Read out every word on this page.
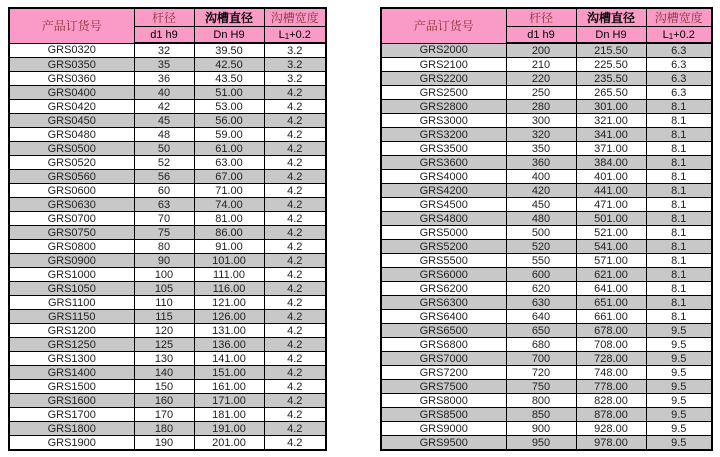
产品订货号	杆径	沟槽直径	沟槽宽度
	d1 h9	Dn H9	$L_1+0.2$
GRS0320	32	39.50	3.2
GRS0350	35	42.50	3.2
GRS0360	36	43.50	3.2
GRS0400	40	51.00	4.2
GRS0420	42	53.00	4.2
GRS0450	45	56.00	4.2
GRS0480	48	59.00	4.2
GRS0500	50	61.00	4.2
GRS0520	52	63.00	4.2
GRS0560	56	67.00	4.2
GRS0600	60	71.00	4.2
GRS0630	63	74.00	4.2
GRS0700	70	81.00	4.2
GRS0750	75	86.00	4.2
GRS0800	80	91.00	4.2
GRS0900	90	101.00	4.2
GRS1000	100	111.00	4.2
GRS1050	105	116.00	4.2
GRS1100	110	121.00	4.2
GRS1150	115	126.00	4.2
GRS1200	120	131.00	4.2
GRS1250	125	136.00	4.2
GRS1300	130	141.00	4.2
GRS1400	140	151.00	4.2
GRS1500	150	161.00	4.2
GRS1600	160	171.00	4.2
GRS1700	170	181.00	4.2
GRS1800	180	191.00	4.2
GRS1900	190	201.00	4.2
产品订货号	杆径	沟槽直径	沟槽宽度
	d1 h9	Dn H9	$L_1+0.2$
GRS2000	200	215.50	6.3
GRS2100	210	225.50	6.3
GRS2200	220	235.50	6.3
GRS2500	250	265.50	6.3
GRS2800	280	301.00	8.1
GRS3000	300	321.00	8.1
GRS3200	320	341.00	8.1
GRS3500	350	371.00	8.1
GRS3600	360	384.00	8.1
GRS4000	400	401.00	8.1
GRS4200	420	441.00	8.1
GRS4500	450	471.00	8.1
GRS4800	480	501.00	8.1
GRS5000	500	521.00	8.1
GRS5200	520	541.00	8.1
GRS5500	550	571.00	8.1
GRS6000	600	621.00	8.1
GRS6200	620	641.00	8.1
GRS6300	630	651.00	8.1
GRS6400	640	661.00	8.1
GRS6500	650	678.00	9.5
GRS6800	680	708.00	9.5
GRS7000	700	728.00	9.5
GRS7200	720	748.00	9.5
GRS7500	750	778.00	9.5
GRS8000	800	828.00	9.5
GRS8500	850	878.00	9.5
GRS9000	900	928.00	9.5
GRS9500	950	978.00	9.5
